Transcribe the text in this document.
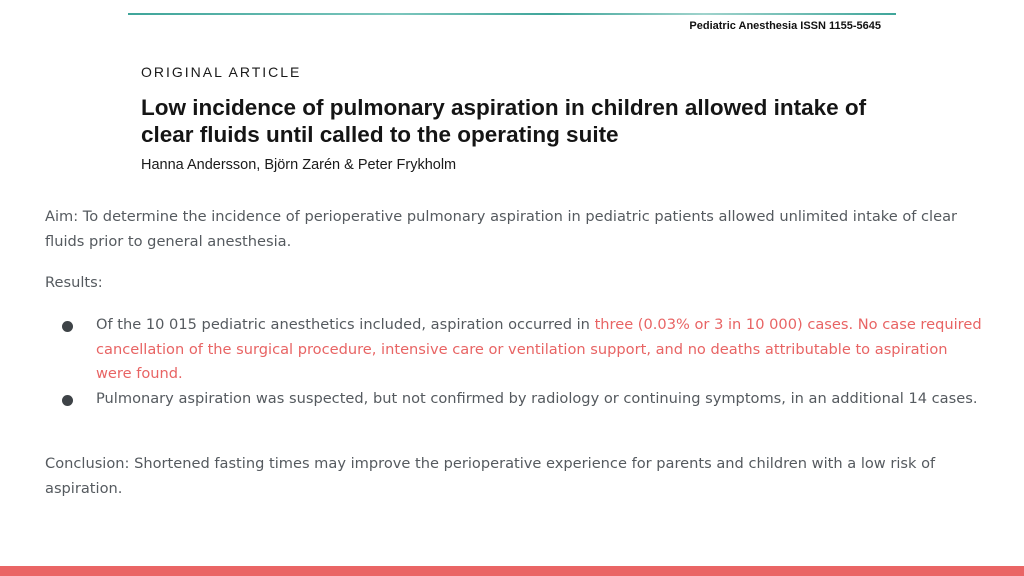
Pediatric Anesthesia ISSN 1155-5645
ORIGINAL ARTICLE
Low incidence of pulmonary aspiration in children allowed intake of clear fluids until called to the operating suite
Hanna Andersson, Björn Zarén & Peter Frykholm

Aim: To determine the incidence of perioperative pulmonary aspiration in pediatric patients allowed unlimited intake of clear fluids prior to general anesthesia.

Results:

Of the 10 015 pediatric anesthetics included, aspiration occurred in three (0.03% or 3 in 10 000) cases. No case required cancellation of the surgical procedure, intensive care or ventilation support, and no deaths attributable to aspiration were found.
Pulmonary aspiration was suspected, but not confirmed by radiology or continuing symptoms, in an additional 14 cases.

Conclusion: Shortened fasting times may improve the perioperative experience for parents and children with a low risk of aspiration.
